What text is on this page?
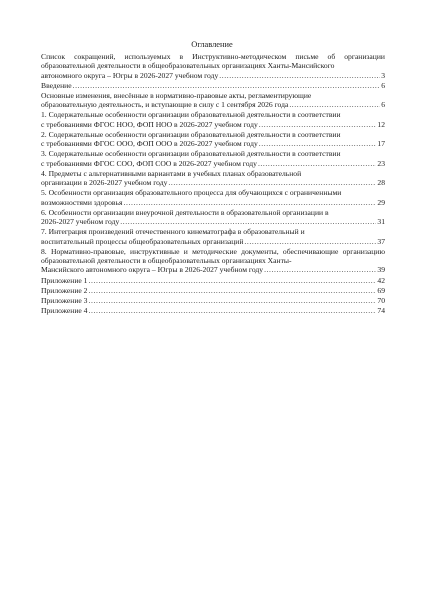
Оглавление
Список сокращений, используемых в Инструктивно-методическом письме об организации образовательной деятельности в общеобразовательных организациях Ханты-Мансийского
автономного округа – Югры в 2026-2027 учебном году .....	3
Введение .....	6
Основные изменения, внесённые в нормативно-правовые акты, регламентирующие
образовательную деятельность, и вступающие в силу с 1 сентября 2026 года .....	6
1. Содержательные особенности организации образовательной деятельности в соответствии
с требованиями ФГОС НОО, ФОП НОО в 2026-2027 учебном году .....	12
2. Содержательные особенности организации образовательной деятельности в соответствии
с требованиями ФГОС ООО, ФОП ООО в 2026-2027 учебном году .....	17
3. Содержательные особенности организации образовательной деятельности в соответствии
с требованиями ФГОС СОО, ФОП СОО в 2026-2027 учебном году .....	23
4. Предметы с альтернативными вариантами в учебных планах образовательной
организации в 2026-2027 учебном году .....	28
5. Особенности организация образовательного процесса для обучающихся с ограниченными
возможностями здоровья .....	29
6. Особенности организации внеурочной деятельности в образовательной организации в
2026-2027 учебном году .....	31
7. Интеграция произведений отечественного кинематографа в образовательный и
воспитательный процессы общеобразовательных организаций .....	37
8. Нормативно-правовые, инструктивные и методические документы, обеспечивающие организацию образовательной деятельности в общеобразовательных организациях Ханты-
Мансийского автономного округа – Югры в 2026-2027 учебном году .....	39
Приложение 1 .....	42
Приложение 2 .....	69
Приложение 3 .....	70
Приложение 4 .....	74
